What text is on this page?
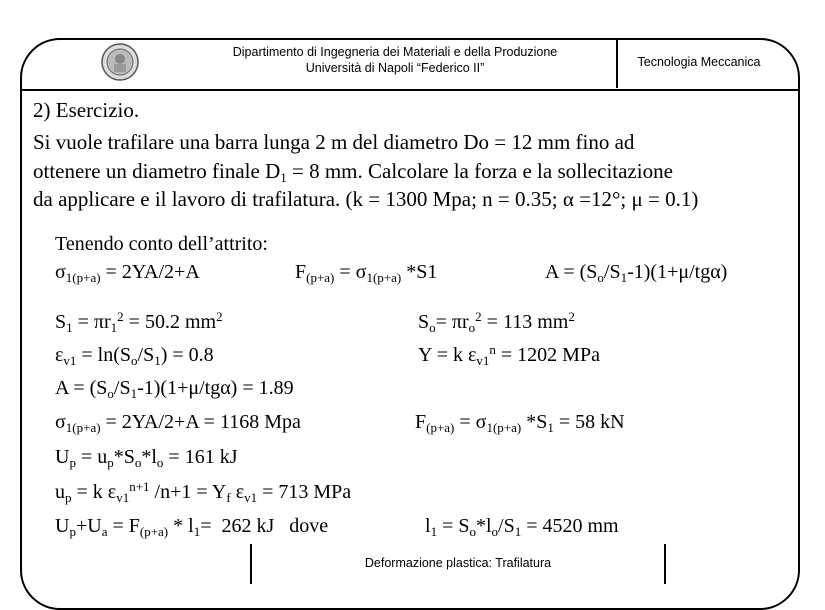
Dipartimento di Ingegneria dei Materiali e della Produzione
Università di Napoli “Federico II”	Tecnologia Meccanica
2) Esercizio.
Si vuole trafilare una barra lunga 2 m del diametro Do = 12 mm fino ad
ottenere un diametro finale $D_1 = 8$ mm. Calcolare la forza e la sollecitazione
da applicare e il lavoro di trafilatura. (k = 1300 Mpa; n = 0.35; α =12°; μ = 0.1)
Tenendo conto dell’attrito:
$\sigma_{1(p+a)} = 2YA/2+A$	$F_{(p+a)} = \sigma_{1(p+a)}$ *S1	$A = (S_o/S_1-1)(1+\mu/tg\alpha)$
$S_1 = \pi r_1^2 = 50.2$ $mm^2$	$S_o= \pi r_o^2 = 113$ $mm^2$
$\varepsilon_{v1} = \ln(S_o/S_1) = 0.8$	Y = k $\varepsilon_{v1}^n = 1202$ MPa
$A = (S_o/S_1-1)(1+\mu/tg\alpha) = 1.89$
$\sigma_{1(p+a)} = 2YA/2+A = 1168$ Mpa	$F_{(p+a)} = \sigma_{1(p+a)}$ $*S_1 = 58$ kN
$U_p = u_p*S_o*l_o = 161$ kJ
$u_p = k$ $\varepsilon_{v1}^{n+1}$ $/n+1 = Y_f$ $\varepsilon_{v1} = 713$ MPa
$U_p+U_a = F_{(p+a)} * l_1= 262$ kJ dove	$l_1 = S_o*l_o/S_1 = 4520$ mm
Deformazione plastica: Trafilatura
